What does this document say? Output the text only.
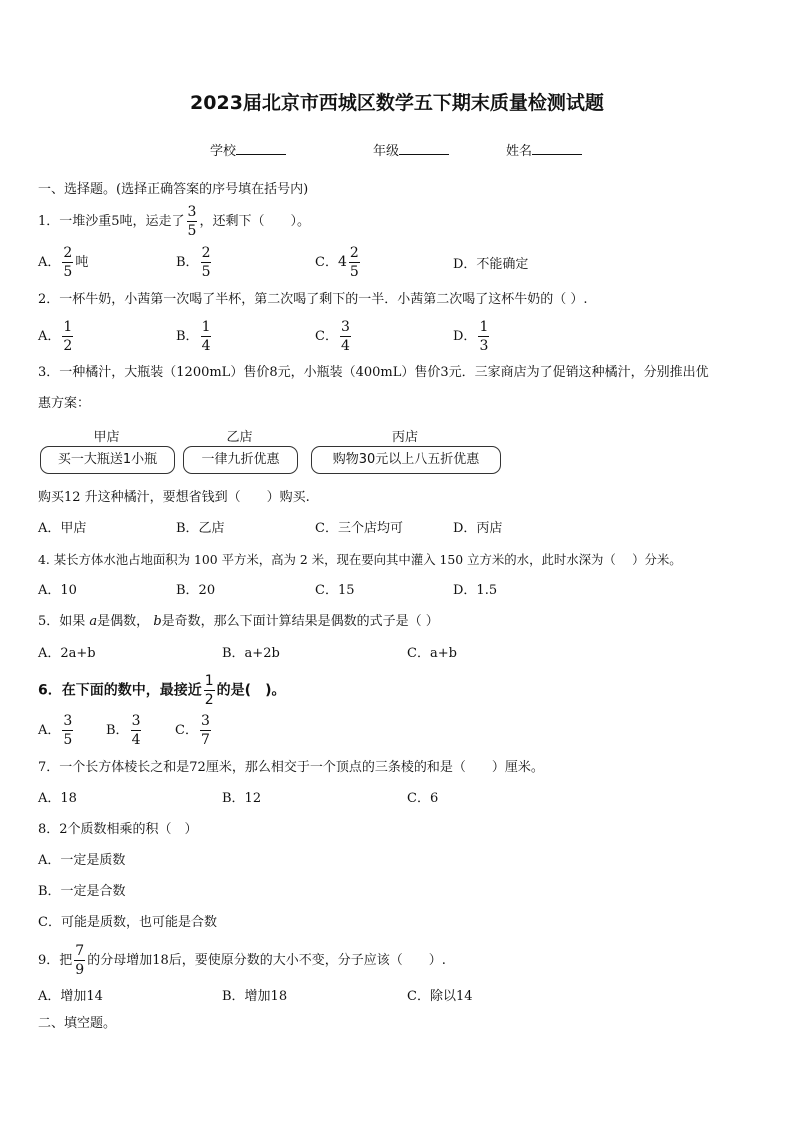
2023届北京市西城区数学五下期末质量检测试题
学校	年级	姓名
一、选择题。(选择正确答案的序号填在括号内)
1．一堆沙重5吨，运走了 $\frac{3}{5}$ ，还剩下（　　）。
A． $\frac{2}{5}$ 吨	B． $\frac{2}{5}$	C．$4 \frac{2}{5}$	D．不能确定
2．一杯牛奶，小茜第一次喝了半杯，第二次喝了剩下的一半．小茜第二次喝了这杯牛奶的（ ）.
A． $\frac{1}{2}$	B． $\frac{1}{4}$	C． $\frac{3}{4}$	D． $\frac{1}{3}$
3．一种橘汁，大瓶装（1200mL）售价8元，小瓶装（400mL）售价3元．三家商店为了促销这种橘汁，分别推出优
惠方案：
甲店
买一大瓶送1小瓶
乙店
一律九折优惠
丙店
购物30元以上八五折优惠
购买12 升这种橘汁，要想省钱到（　　）购买.
A．甲店	B．乙店	C．三个店均可	D．丙店
4. 某长方体水池占地面积为 100 平方米，高为 2 米，现在要向其中灌入 150 立方米的水，此时水深为（　 ）分米。
A．10	B．20	C．15	D．1.5
5．如果 a是偶数， b是奇数，那么下面计算结果是偶数的式子是（ ）
A．2a+b	B．a+2b	C．a+b
6．在下面的数中，最接近 $\frac{1}{2}$ 的是(　)。
A． $\frac{3}{5}$	B． $\frac{3}{4}$	C． $\frac{3}{7}$
7．一个长方体棱长之和是72厘米，那么相交于一个顶点的三条棱的和是（　　）厘米。
A．18	B．12	C．6
8．2个质数相乘的积（　）
A．一定是质数
B．一定是合数
C．可能是质数，也可能是合数
9．把 $\frac{7}{9}$ 的分母增加18后，要使原分数的大小不变，分子应该（　　）.
A．增加14	B．增加18	C．除以14
二、填空题。
